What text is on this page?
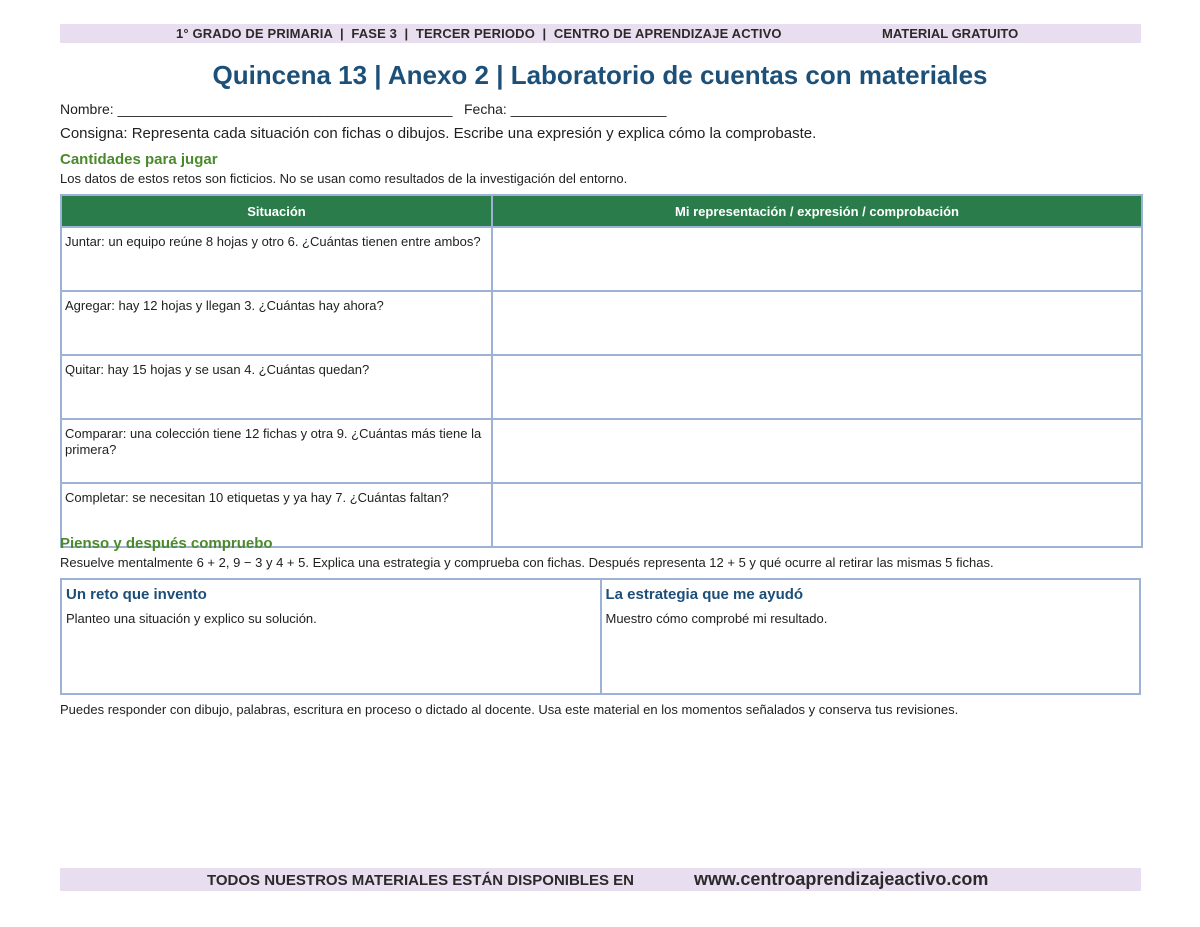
1° GRADO DE PRIMARIA  |  FASE 3  |  TERCER PERIODO  |  CENTRO DE APRENDIZAJE ACTIVO	MATERIAL GRATUITO
Quincena 13 | Anexo 2 | Laboratorio de cuentas con materiales
Nombre: ___________________________________________ Fecha: ____________________
Consigna: Representa cada situación con fichas o dibujos. Escribe una expresión y explica cómo la comprobaste.
Cantidades para jugar
Los datos de estos retos son ficticios. No se usan como resultados de la investigación del entorno.
Situación	Mi representación / expresión / comprobación
Juntar: un equipo reúne 8 hojas y otro 6. ¿Cuántas tienen entre ambos?	
Agregar: hay 12 hojas y llegan 3. ¿Cuántas hay ahora?	
Quitar: hay 15 hojas y se usan 4. ¿Cuántas quedan?	
Comparar: una colección tiene 12 fichas y otra 9. ¿Cuántas más tiene la primera?	
Completar: se necesitan 10 etiquetas y ya hay 7. ¿Cuántas faltan?	
Pienso y después compruebo
Resuelve mentalmente 6 + 2, 9 − 3 y 4 + 5. Explica una estrategia y comprueba con fichas. Después representa 12 + 5 y qué ocurre al retirar las mismas 5 fichas.
Un reto que invento

Planteo una situación y explico su solución.

La estrategia que me ayudó

Muestro cómo comprobé mi resultado.

Puedes responder con dibujo, palabras, escritura en proceso o dictado al docente. Usa este material en los momentos señalados y conserva tus revisiones.
TODOS NUESTROS MATERIALES ESTÁN DISPONIBLES EN	www.centroaprendizajeactivo.com
